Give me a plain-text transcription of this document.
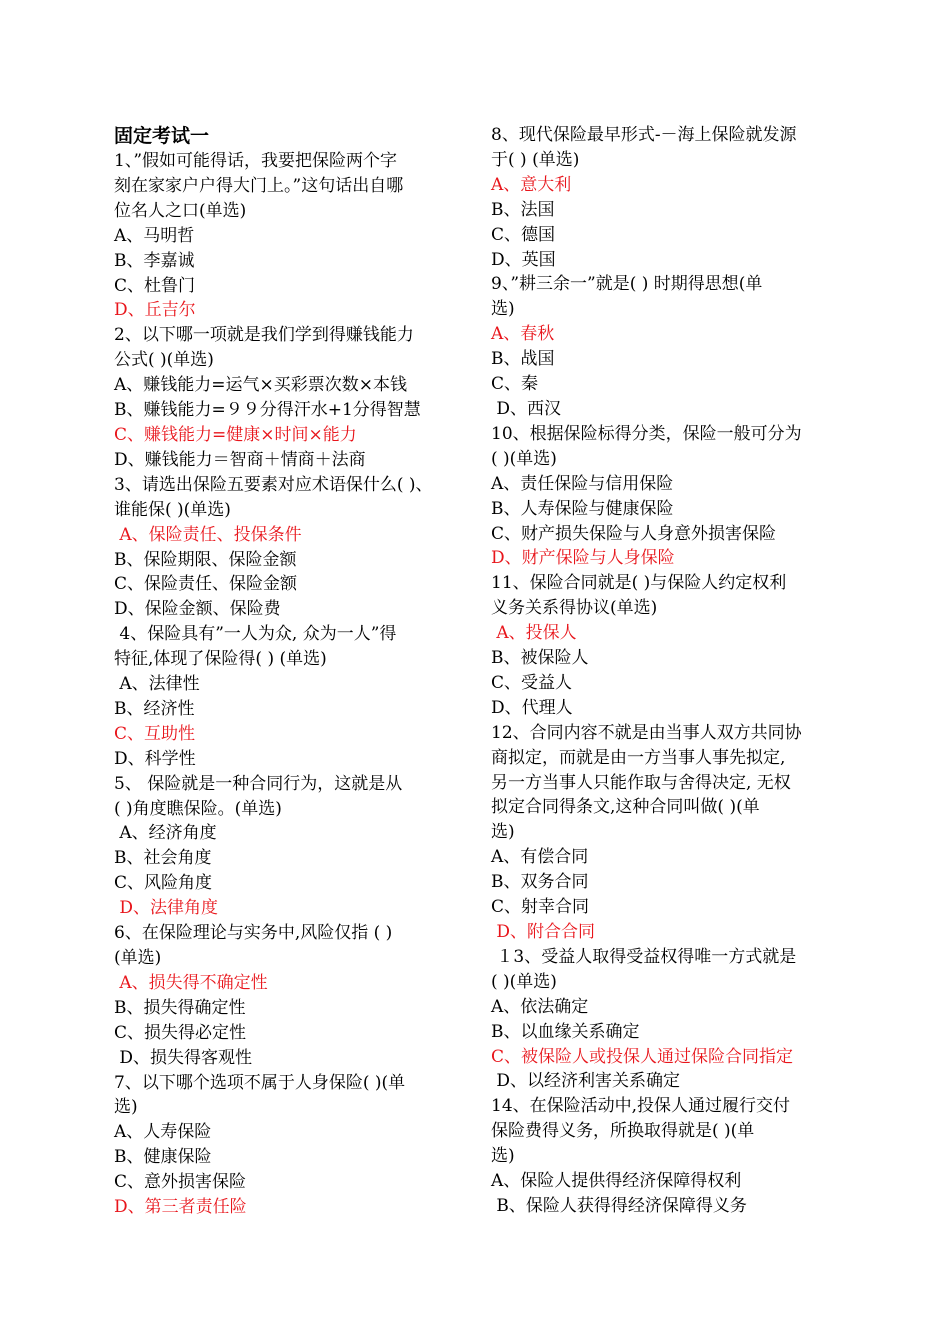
固定考试一
1、”假如可能得话，我要把保险两个字
刻在家家户户得大门上。”这句话出自哪
位名人之口(单选)
A、马明哲
B、李嘉诚
C、杜鲁门
D、丘吉尔
2、以下哪一项就是我们学到得赚钱能力
公式( )(单选)
A、赚钱能力=运气×买彩票次数×本钱
B、赚钱能力=９９分得汗水+1分得智慧
C、赚钱能力=健康×时间×能力
D、赚钱能力＝智商＋情商＋法商
3、请选出保险五要素对应术语保什么( )、
谁能保( )(单选)
A、保险责任、投保条件
B、保险期限、保险金额
C、保险责任、保险金额
D、保险金额、保险费
4、保险具有”一人为众, 众为一人”得
特征,体现了保险得( ) (单选)
A、法律性
B、经济性
C、互助性
D、科学性
5、 保险就是一种合同行为，这就是从
( )角度瞧保险。(单选)
A、经济角度
B、社会角度
C、风险角度
D、法律角度
6、在保险理论与实务中,风险仅指 ( )
(单选)
A、损失得不确定性
B、损失得确定性
C、损失得必定性
D、损失得客观性
7、以下哪个选项不属于人身保险( )(单
选)
A、人寿保险
B、健康保险
C、意外损害保险
D、第三者责任险
8、现代保险最早形式-－海上保险就发源
于( ) (单选)
A、意大利
B、法国
C、德国
D、英国
9、”耕三余一”就是( ) 时期得思想(单
选)
A、春秋
B、战国
C、秦
D、西汉
10、根据保险标得分类，保险一般可分为
( )(单选)
A、责任保险与信用保险
B、人寿保险与健康保险
C、财产损失保险与人身意外损害保险
D、财产保险与人身保险
11、保险合同就是( )与保险人约定权利
义务关系得协议(单选)
A、投保人
B、被保险人
C、受益人
D、代理人
12、合同内容不就是由当事人双方共同协
商拟定，而就是由一方当事人事先拟定,
另一方当事人只能作取与舍得决定, 无权
拟定合同得条文,这种合同叫做( )(单
选)
A、有偿合同
B、双务合同
C、射幸合同
D、附合合同
１3、受益人取得受益权得唯一方式就是
( )(单选)
A、依法确定
B、以血缘关系确定
C、被保险人或投保人通过保险合同指定
D、以经济利害关系确定
14、在保险活动中,投保人通过履行交付
保险费得义务，所换取得就是( )(单
选)
A、保险人提供得经济保障得权利
B、保险人获得得经济保障得义务
